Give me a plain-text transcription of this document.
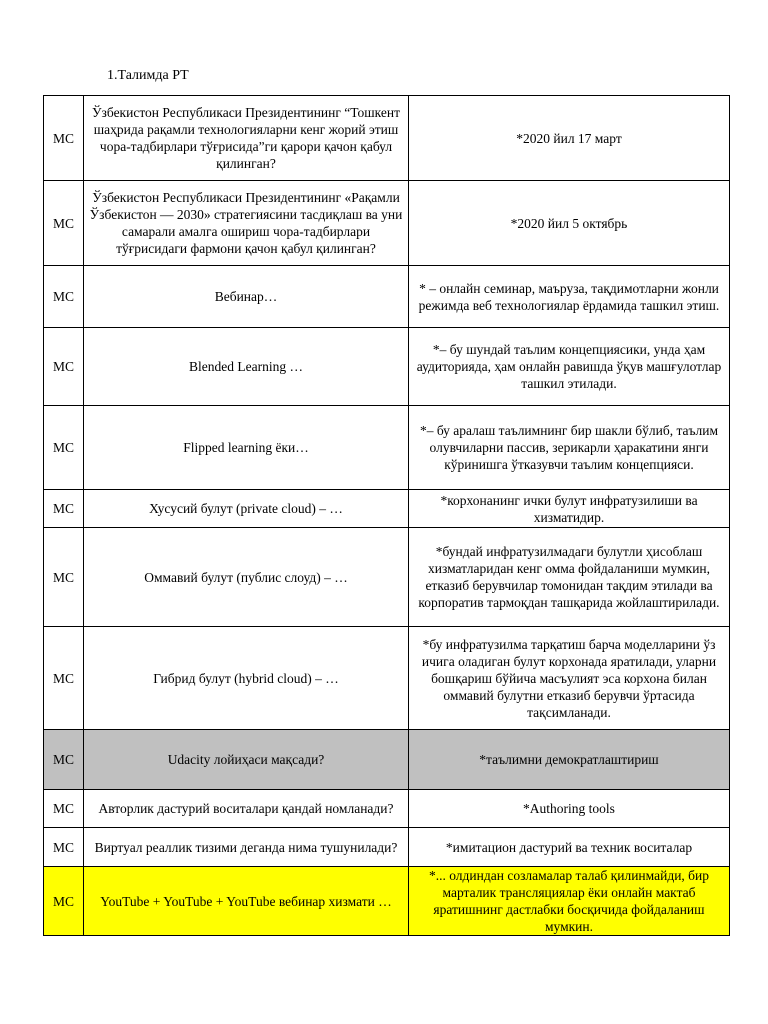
1.Талимда РТ
МС	Ўзбекистон Республикаси Президентининг “Тошкент шаҳрида рақамли технологияларни кенг жорий этиш чора-тадбирлари тўғрисида”ги қарори қачон қабул қилинган?	*2020 йил 17 март
МС	Ўзбекистон Республикаси Президентининг «Рақамли Ўзбекистон — 2030» стратегиясини тасдиқлаш ва уни самарали амалга ошириш чора-тадбирлари тўғрисидаги фармони қачон қабул қилинган?	*2020 йил 5 октябрь
МС	Вебинар…	* – онлайн семинар, маъруза, тақдимотларни жонли режимда веб технологиялар ёрдамида ташкил этиш.
МС	Blended Learning …	*– бу шундай таълим концепциясики, унда ҳам аудиторияда, ҳам онлайн равишда ўқув машғулотлар ташкил этилади.
МС	Flipped learning ёки…	*– бу аралаш таълимнинг бир шакли бўлиб, таълим олувчиларни пассив, зерикарли ҳаракатини янги кўринишга ўтказувчи таълим концепцияси.
МС	Хусусий булут (private cloud) – …	*корхонанинг ички булут инфратузилиши ва хизматидир.
МС	Оммавий булут (публис слоуд) – …	*бундай инфратузилмадаги булутли ҳисоблаш хизматларидан кенг омма фойдаланиши мумкин, етказиб берувчилар томонидан тақдим этилади ва корпоратив тармоқдан ташқарида жойлаштирилади.
МС	Гибрид булут (hybrid cloud) – …	*бу инфратузилма тарқатиш барча моделларини ўз ичига оладиган булут корхонада яратилади, уларни бошқариш бўйича масъулият эса корхона билан оммавий булутни етказиб берувчи ўртасида тақсимланади.
МС	Udacity лойиҳаси мақсади?	*таълимни демократлаштириш
МС	Авторлик дастурий воситалари қандай номланади?	*Authoring tools
МС	Виртуал реаллик тизими деганда нима тушунилади?	*имитацион дастурий ва техник воситалар
МС	YouTube + YouTube + YouTube вебинар хизмати …	*... олдиндан созламалар талаб қилинмайди, бир марталик трансляциялар ёки онлайн мактаб яратишнинг дастлабки босқичида фойдаланиш мумкин.
